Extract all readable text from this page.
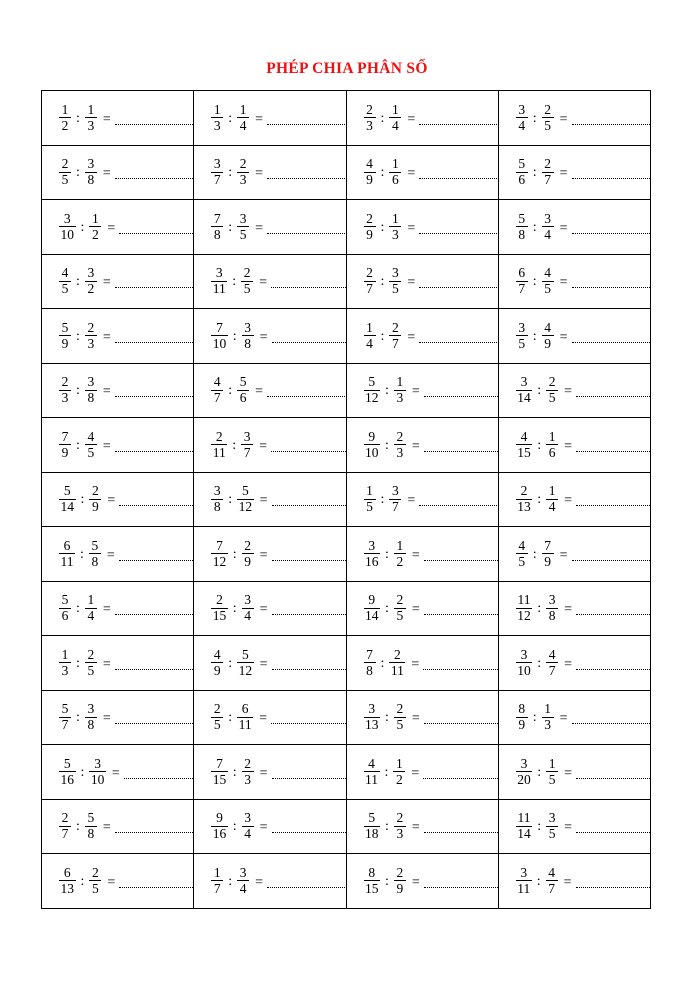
PHÉP CHIA PHÂN SỐ
$\frac{1}{2}$ : $\frac{1}{3}$ =	$\frac{1}{3}$ : $\frac{1}{4}$ =	$\frac{2}{3}$ : $\frac{1}{4}$ =	$\frac{3}{4}$ : $\frac{2}{5}$ =

$\frac{2}{5}$ : $\frac{3}{8}$ =	$\frac{3}{7}$ : $\frac{2}{3}$ =	$\frac{4}{9}$ : $\frac{1}{6}$ =	$\frac{5}{6}$ : $\frac{2}{7}$ =

$\frac{3}{10}$ : $\frac{1}{2}$ =	$\frac{7}{8}$ : $\frac{3}{5}$ =	$\frac{2}{9}$ : $\frac{1}{3}$ =	$\frac{5}{8}$ : $\frac{3}{4}$ =

$\frac{4}{5}$ : $\frac{3}{2}$ =	$\frac{3}{11}$ : $\frac{2}{5}$ =	$\frac{2}{7}$ : $\frac{3}{5}$ =	$\frac{6}{7}$ : $\frac{4}{5}$ =

$\frac{5}{9}$ : $\frac{2}{3}$ =	$\frac{7}{10}$ : $\frac{3}{8}$ =	$\frac{1}{4}$ : $\frac{2}{7}$ =	$\frac{3}{5}$ : $\frac{4}{9}$ =

$\frac{2}{3}$ : $\frac{3}{8}$ =	$\frac{4}{7}$ : $\frac{5}{6}$ =	$\frac{5}{12}$ : $\frac{1}{3}$ =	$\frac{3}{14}$ : $\frac{2}{5}$ =

$\frac{7}{9}$ : $\frac{4}{5}$ =	$\frac{2}{11}$ : $\frac{3}{7}$ =	$\frac{9}{10}$ : $\frac{2}{3}$ =	$\frac{4}{15}$ : $\frac{1}{6}$ =

$\frac{5}{14}$ : $\frac{2}{9}$ =	$\frac{3}{8}$ : $\frac{5}{12}$ =	$\frac{1}{5}$ : $\frac{3}{7}$ =	$\frac{2}{13}$ : $\frac{1}{4}$ =

$\frac{6}{11}$ : $\frac{5}{8}$ =	$\frac{7}{12}$ : $\frac{2}{9}$ =	$\frac{3}{16}$ : $\frac{1}{2}$ =	$\frac{4}{5}$ : $\frac{7}{9}$ =

$\frac{5}{6}$ : $\frac{1}{4}$ =	$\frac{2}{15}$ : $\frac{3}{4}$ =	$\frac{9}{14}$ : $\frac{2}{5}$ =	$\frac{11}{12}$ : $\frac{3}{8}$ =

$\frac{1}{3}$ : $\frac{2}{5}$ =	$\frac{4}{9}$ : $\frac{5}{12}$ =	$\frac{7}{8}$ : $\frac{2}{11}$ =	$\frac{3}{10}$ : $\frac{4}{7}$ =

$\frac{5}{7}$ : $\frac{3}{8}$ =	$\frac{2}{5}$ : $\frac{6}{11}$ =	$\frac{3}{13}$ : $\frac{2}{5}$ =	$\frac{8}{9}$ : $\frac{1}{3}$ =

$\frac{5}{16}$ : $\frac{3}{10}$ =	$\frac{7}{15}$ : $\frac{2}{3}$ =	$\frac{4}{11}$ : $\frac{1}{2}$ =	$\frac{3}{20}$ : $\frac{1}{5}$ =

$\frac{2}{7}$ : $\frac{5}{8}$ =	$\frac{9}{16}$ : $\frac{3}{4}$ =	$\frac{5}{18}$ : $\frac{2}{3}$ =	$\frac{11}{14}$ : $\frac{3}{5}$ =

$\frac{6}{13}$ : $\frac{2}{5}$ =	$\frac{1}{7}$ : $\frac{3}{4}$ =	$\frac{8}{15}$ : $\frac{2}{9}$ =	$\frac{3}{11}$ : $\frac{4}{7}$ =
